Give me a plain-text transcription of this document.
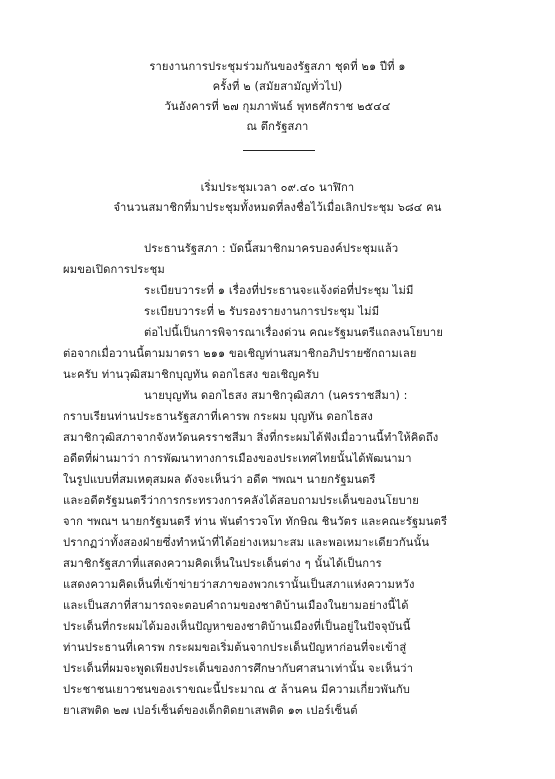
รายงานการประชุมร่วมกันของรัฐสภา ชุดที่ ๒๑ ปีที่ ๑
ครั้งที่ ๒ (สมัยสามัญทั่วไป)
วันอังคารที่ ๒๗ กุมภาพันธ์ พุทธศักราช ๒๕๔๔
ณ ตึกรัฐสภา
เริ่มประชุมเวลา ๐๙.๔๐ นาฬิกา
จำนวนสมาชิกที่มาประชุมทั้งหมดที่ลงชื่อไว้เมื่อเลิกประชุม ๖๘๔ คน
ประธานรัฐสภา : บัดนี้สมาชิกมาครบองค์ประชุมแล้ว
ผมขอเปิดการประชุม
ระเบียบวาระที่ ๑ เรื่องที่ประธานจะแจ้งต่อที่ประชุม ไม่มี
ระเบียบวาระที่ ๒ รับรองรายงานการประชุม ไม่มี
ต่อไปนี้เป็นการพิจารณาเรื่องด่วน คณะรัฐมนตรีแถลงนโยบาย
ต่อจากเมื่อวานนี้ตามมาตรา ๒๑๑ ขอเชิญท่านสมาชิกอภิปรายซักถามเลย
นะครับ ท่านวุฒิสมาชิกบุญทัน ดอกไธสง ขอเชิญครับ
นายบุญทัน ดอกไธสง สมาชิกวุฒิสภา (นครราชสีมา) :
กราบเรียนท่านประธานรัฐสภาที่เคารพ กระผม บุญทัน ดอกไธสง
สมาชิกวุฒิสภาจากจังหวัดนครราชสีมา สิ่งที่กระผมได้ฟังเมื่อวานนี้ทำให้คิดถึง
อดีตที่ผ่านมาว่า การพัฒนาทางการเมืองของประเทศไทยนั้นได้พัฒนามา
ในรูปแบบที่สมเหตุสมผล ดังจะเห็นว่า อดีต ฯพณฯ นายกรัฐมนตรี
และอดีตรัฐมนตรีว่าการกระทรวงการคลังได้สอบถามประเด็นของนโยบาย
จาก ฯพณฯ นายกรัฐมนตรี ท่าน พันตำรวจโท ทักษิณ ชินวัตร และคณะรัฐมนตรี
ปรากฏว่าทั้งสองฝ่ายซึ่งทำหน้าที่ได้อย่างเหมาะสม และพอเหมาะเดียวกันนั้น
สมาชิกรัฐสภาที่แสดงความคิดเห็นในประเด็นต่าง ๆ นั้นได้เป็นการ
แสดงความคิดเห็นที่เข้าข่ายว่าสภาของพวกเรานั้นเป็นสภาแห่งความหวัง
และเป็นสภาที่สามารถจะตอบคำถามของชาติบ้านเมืองในยามอย่างนี้ได้
ประเด็นที่กระผมได้มองเห็นปัญหาของชาติบ้านเมืองที่เป็นอยู่ในปัจจุบันนี้
ท่านประธานที่เคารพ กระผมขอเริ่มต้นจากประเด็นปัญหาก่อนที่จะเข้าสู่
ประเด็นที่ผมจะพูดเพียงประเด็นของการศึกษากับศาสนาเท่านั้น จะเห็นว่า
ประชาชนเยาวชนของเราขณะนี้ประมาณ ๕ ล้านคน มีความเกี่ยวพันกับ
ยาเสพติด ๒๗ เปอร์เซ็นต์ของเด็กติดยาเสพติด ๑๓ เปอร์เซ็นต์
